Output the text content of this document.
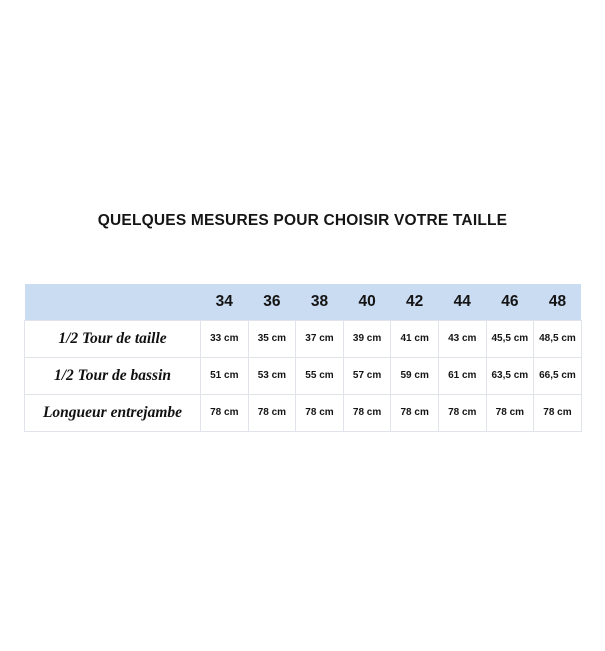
QUELQUES MESURES POUR CHOISIR VOTRE TAILLE
	34	36	38	40	42	44	46	48
1/2 Tour de taille	33 cm	35 cm	37 cm	39 cm	41 cm	43 cm	45,5 cm	48,5 cm
1/2 Tour de bassin	51 cm	53 cm	55 cm	57 cm	59 cm	61 cm	63,5 cm	66,5 cm
Longueur entrejambe	78 cm	78 cm	78 cm	78 cm	78 cm	78 cm	78 cm	78 cm
